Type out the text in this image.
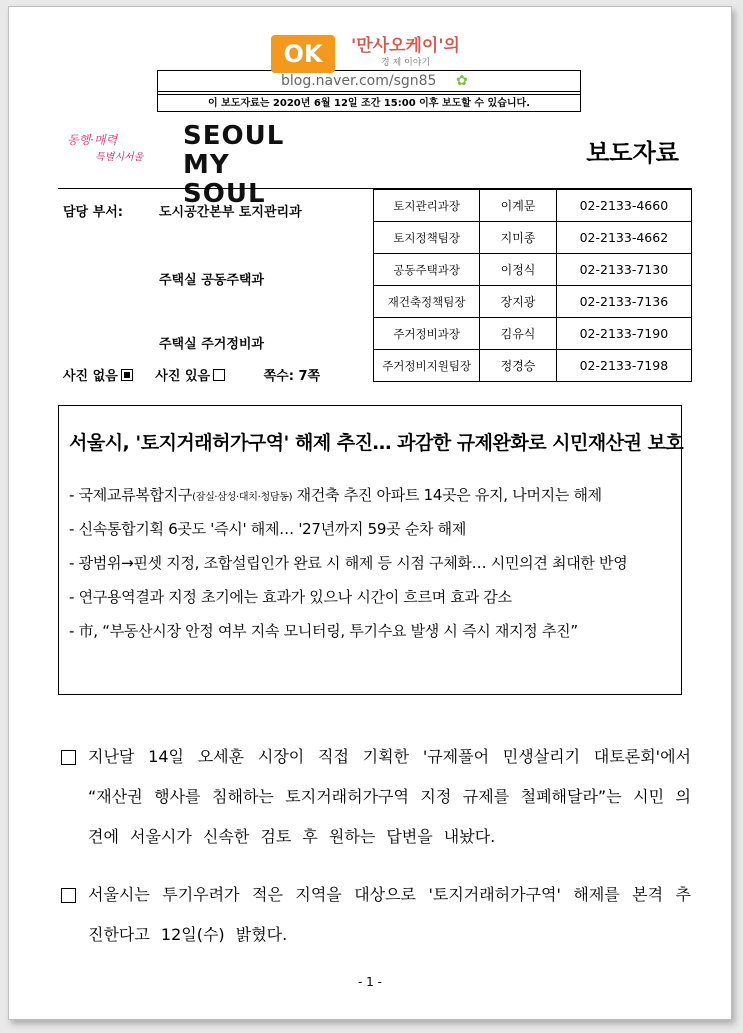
이 보도자료는 2020년 6월 12일 조간 15:00 이후 보도할 수 있습니다.
OK	'만사오케이'의
경 제 이야기
blog.naver.com/sgn85 ✿
동행·매력
특별시서울
SEOUL
MY SOUL
보도자료
담당 부서:	도시공간본부 토지관리과
주택실 공동주택과
주택실 주거정비과
토지관리과장	이계문	02-2133-4660
토지정책팀장	지미종	02-2133-4662
공동주택과장	이정식	02-2133-7130
재건축정책팀장	장지광	02-2133-7136
주거정비과장	김유식	02-2133-7190
주거정비지원팀장	정경승	02-2133-7198
사진 없음	사진 있음	쪽수: 7쪽
서울시, '토지거래허가구역' 해제 추진… 과감한 규제완화로 시민재산권 보호
- 국제교류복합지구(잠실·삼성·대치·청담동) 재건축 추진 아파트 14곳은 유지, 나머지는 해제
- 신속통합기획 6곳도 '즉시' 해제… '27년까지 59곳 순차 해제
- 광범위→핀셋 지정, 조합설립인가 완료 시 해제 등 시점 구체화… 시민의견 최대한 반영
- 연구용역결과 지정 초기에는 효과가 있으나 시간이 흐르며 효과 감소
- 市, “부동산시장 안정 여부 지속 모니터링, 투기수요 발생 시 즉시 재지정 추진”
지난달 14일 오세훈 시장이 직접 기획한 '규제풀어 민생살리기 대토론회'에서 “재산권 행사를 침해하는 토지거래허가구역 지정 규제를 철폐해달라”는 시민 의견에 서울시가 신속한 검토 후 원하는 답변을 내놨다.
서울시는 투기우려가 적은 지역을 대상으로 '토지거래허가구역' 해제를 본격 추진한다고 12일(수) 밝혔다.
- 1 -
